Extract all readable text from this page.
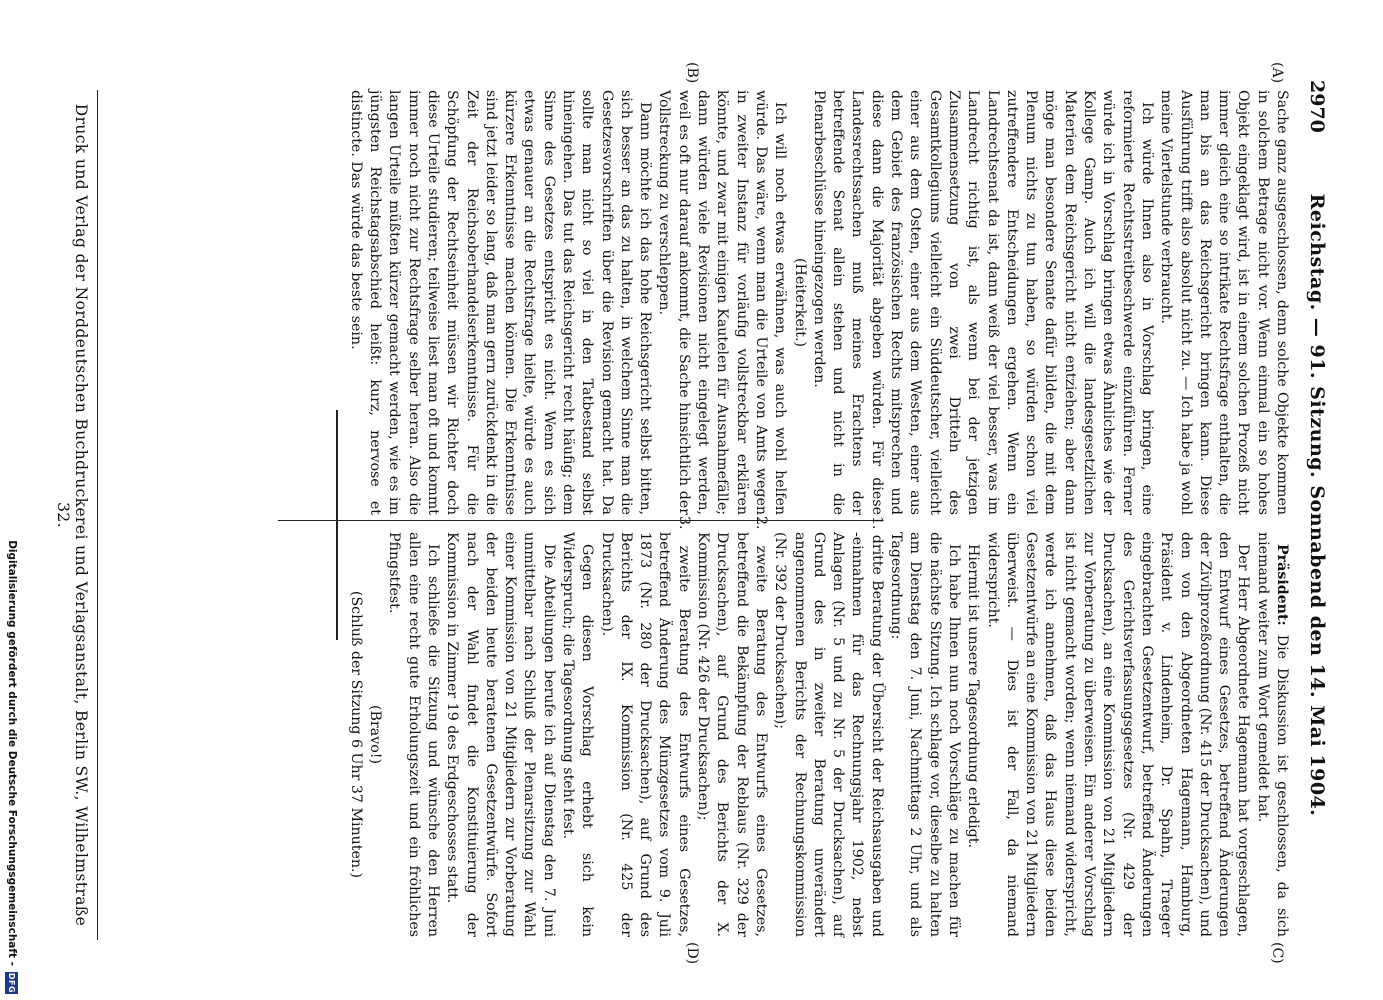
2970
Reichstag. — 91. Sitzung. Sonnabend den 14. Mai 1904.
(A)
(B)
(C)
(D)

Sache ganz ausgeschlossen, denn solche Objekte kommen in solchem Betrage nicht vor. Wenn einmal ein so hohes Objekt eingeklagt wird, ist in einem solchen Prozeß nicht immer gleich eine so intrikate Rechtsfrage enthalten, die man bis an das Reichsgericht bringen kann. Diese Ausführung trifft also absolut nicht zu. — Ich habe ja wohl meine Viertelstunde verbraucht.

Ich würde Ihnen also in Vorschlag bringen, eine reformierte Rechtsstreitbeschwerde einzuführen. Ferner würde ich in Vorschlag bringen etwas Ähnliches wie der Kollege Gamp. Auch ich will die landesgesetzlichen Materien dem Reichsgericht nicht entziehen; aber dann möge man besondere Senate dafür bilden, die mit dem Plenum nichts zu tun haben, so würden schon viel zutreffendere Entscheidungen ergehen. Wenn ein Landrechtsenat da ist, dann weiß der viel besser, was im Landrecht richtig ist, als wenn bei der jetzigen Zusammensetzung von zwei Dritteln des Gesamtkollegiums vielleicht ein Süddeutscher, vielleicht einer aus dem Osten, einer aus dem Westen, einer aus dem Gebiet des französischen Rechts mitsprechen und diese dann die Majorität abgeben würden. Für diese Landesrechtssachen muß meines Erachtens der betreffende Senat allein stehen und nicht in die Plenarbeschlüsse hineingezogen werden.

(Heiterkeit.)

Ich will noch etwas erwähnen, was auch wohl helfen würde. Das wäre, wenn man die Urteile von Amts wegen in zweiter Instanz für vorläufig vollstreckbar erklären könnte, und zwar mit einigen Kautelen für Ausnahmefälle; dann würden viele Revisionen nicht eingelegt werden, weil es oft nur darauf ankommt, die Sache hinsichtlich der Vollstreckung zu verschleppen.

Dann möchte ich das hohe Reichsgericht selbst bitten, sich besser an das zu halten, in welchem Sinne man die Gesetzesvorschriften über die Revision gemacht hat. Da sollte man nicht so viel in den Tatbestand selbst hineingehen. Das tut das Reichsgericht recht häufig; dem Sinne des Gesetzes entspricht es nicht. Wenn es sich etwas genauer an die Rechtsfrage hielte, würde es auch kürzere Erkenntnisse machen können. Die Erkenntnisse sind jetzt leider so lang, daß man gern zurückdenkt in die Zeit der Reichsoberhandelserkenntnisse. Für die Schöpfung der Rechtseinheit müssen wir Richter doch diese Urteile studieren; teilweise liest man oft und kommt immer noch nicht zur Rechtsfrage selber heran. Also die langen Urteile müßten kürzer gemacht werden, wie es im jüngsten Reichstagsabschied heißt: kurz, nervose et distincte. Das würde das beste sein.

Präsident: Die Diskussion ist geschlossen, da sich niemand weiter zum Wort gemeldet hat.

Der Herr Abgeordnete Hagemann hat vorgeschlagen, den Entwurf eines Gesetzes, betreffend Änderungen der Zivilprozeßordnung (Nr. 415 der Drucksachen), und den von den Abgeordneten Hagemann, Hamburg, Präsident v. Lindenheim, Dr. Spahn, Traeger eingebrachten Gesetzentwurf, betreffend Änderungen des Gerichtsverfassungsgesetzes (Nr. 429 der Drucksachen), an eine Kommission von 21 Mitgliedern zur Vorberatung zu überweisen. Ein anderer Vorschlag ist nicht gemacht worden; wenn niemand widerspricht, werde ich annehmen, daß das Haus diese beiden Gesetzentwürfe an eine Kommission von 21 Mitgliedern überweist. — Dies ist der Fall, da niemand widerspricht.

Hiermit ist unsere Tagesordnung erledigt.

Ich habe Ihnen nun noch Vorschläge zu machen für die nächste Sitzung. Ich schlage vor, dieselbe zu halten am Dienstag den 7. Juni, Nachmittags 2 Uhr, und als Tagesordnung:

1. dritte Beratung der Übersicht der Reichsausgaben und -einnahmen für das Rechnungsjahr 1902, nebst Anlagen (Nr. 5 und zu Nr. 5 der Drucksachen), auf Grund des in zweiter Beratung unverändert angenommenen Berichts der Rechnungskommission (Nr. 392 der Drucksachen);

2. zweite Beratung des Entwurfs eines Gesetzes, betreffend die Bekämpfung der Reblaus (Nr. 329 der Drucksachen), auf Grund des Berichts der X. Kommission (Nr. 426 der Drucksachen);

3. zweite Beratung des Entwurfs eines Gesetzes, betreffend Änderung des Münzgesetzes vom 9. Juli 1873 (Nr. 280 der Drucksachen), auf Grund des Berichts der IX. Kommission (Nr. 425 der Drucksachen).

Gegen diesen Vorschlag erhebt sich kein Widerspruch; die Tagesordnung steht fest.

Die Abteilungen berufe ich auf Dienstag den 7. Juni unmittelbar nach Schluß der Plenarsitzung zur Wahl einer Kommission von 21 Mitgliedern zur Vorberatung der beiden heute beratenen Gesetzentwürfe. Sofort nach der Wahl findet die Konstituierung der Kommission in Zimmer 19 des Erdgeschosses statt.

Ich schließe die Sitzung und wünsche den Herren allen eine recht gute Erholungszeit und ein fröhliches Pfingstfest.

(Bravo!)

(Schluß der Sitzung 6 Uhr 37 Minuten.)

Druck und Verlag der Norddeutschen Buchdruckerei und Verlagsanstalt, Berlin SW., Wilhelmstraße 32.
Digitalisierung gefördert durch die Deutsche Forschungsgemeinschaft -
DFG
